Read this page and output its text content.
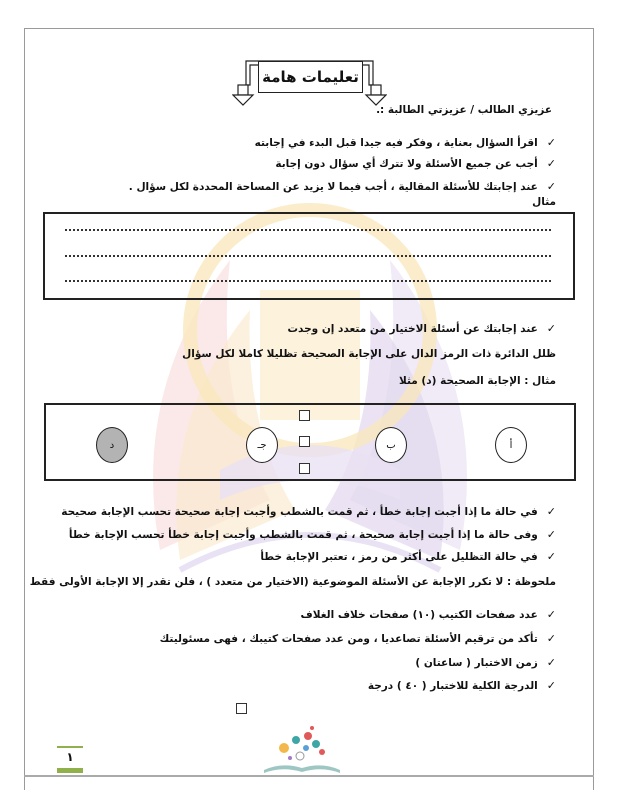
تعليمات هامة
عزيزي الطالب / عزيزتي الطالبة :.
✓اقرأ السؤال بعناية ، وفكر فيه جيدا قبل البدء في إجابته
✓أجب عن جميع الأسئلة ولا تترك أي سؤال دون إجابة
✓عند إجابتك للأسئلة المقالية ، أجب فيما لا يزيد عن المساحة المحددة لكل سؤال .
مثال
✓عند إجابتك عن أسئلة الاختيار من متعدد إن وجدت
ظلل الدائرة ذات الرمز الدال على الإجابة الصحيحة تظليلا كاملا لكل سؤال
مثال : الإجابة الصحيحة (د) مثلا
أ
ب
جـ
د
✓في حالة ما إذا أجبت إجابة خطأ ، ثم قمت بالشطب وأجبت إجابة صحيحة تحسب الإجابة صحيحة
✓وفى حالة ما إذا أجبت إجابة صحيحة ، ثم قمت بالشطب وأجبت إجابة خطأ تحسب الإجابة خطأ
✓في حالة التظليل على أكثر من رمز ، تعتبر الإجابة خطأ
ملحوظة : لا تكرر الإجابة عن الأسئلة الموضوعية (الاختيار من متعدد ) ، فلن تقدر إلا الإجابة الأولى فقط
✓عدد صفحات الكتيب (١٠) صفحات خلاف الغلاف
✓تأكد من ترقيم الأسئلة تصاعديا ، ومن عدد صفحات كتيبك ، فهى مسئوليتك
✓زمن الاختبار ( ساعتان )
✓الدرجة الكلية للاختبار ( ٤٠ ) درجة
١
